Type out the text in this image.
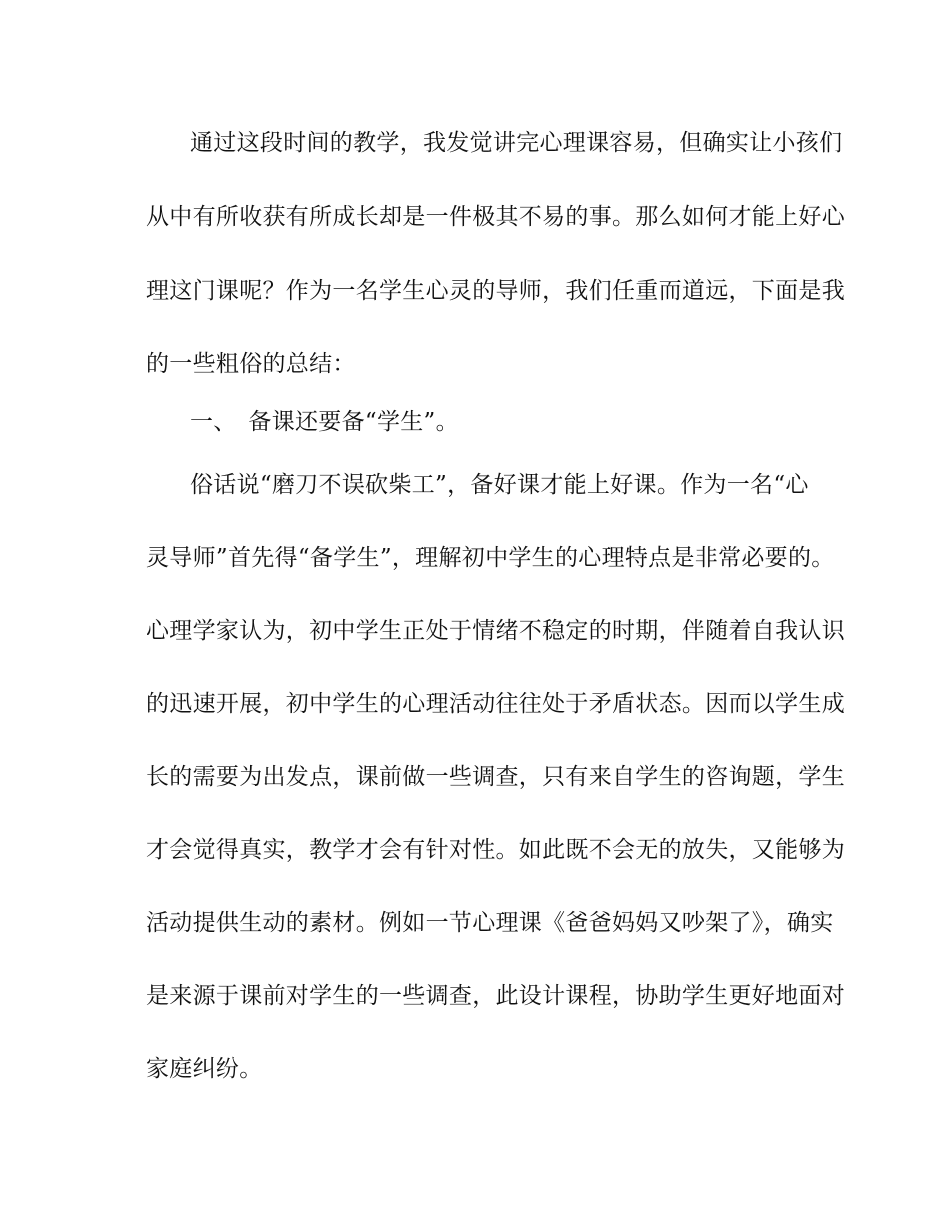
通过这段时间的教学，我发觉讲完心理课容易，但确实让小孩们
从中有所收获有所成长却是一件极其不易的事。那么如何才能上好心
理这门课呢？作为一名学生心灵的导师，我们任重而道远，下面是我
的一些粗俗的总结：
一、　备课还要备“学生”。
俗话说“磨刀不误砍柴工”，备好课才能上好课。作为一名“心
灵导师”首先得“备学生”，理解初中学生的心理特点是非常必要的。
心理学家认为，初中学生正处于情绪不稳定的时期，伴随着自我认识
的迅速开展，初中学生的心理活动往往处于矛盾状态。因而以学生成
长的需要为出发点，课前做一些调查，只有来自学生的咨询题，学生
才会觉得真实，教学才会有针对性。如此既不会无的放失，又能够为
活动提供生动的素材。例如一节心理课《爸爸妈妈又吵架了》，确实
是来源于课前对学生的一些调查，此设计课程，协助学生更好地面对
家庭纠纷。
